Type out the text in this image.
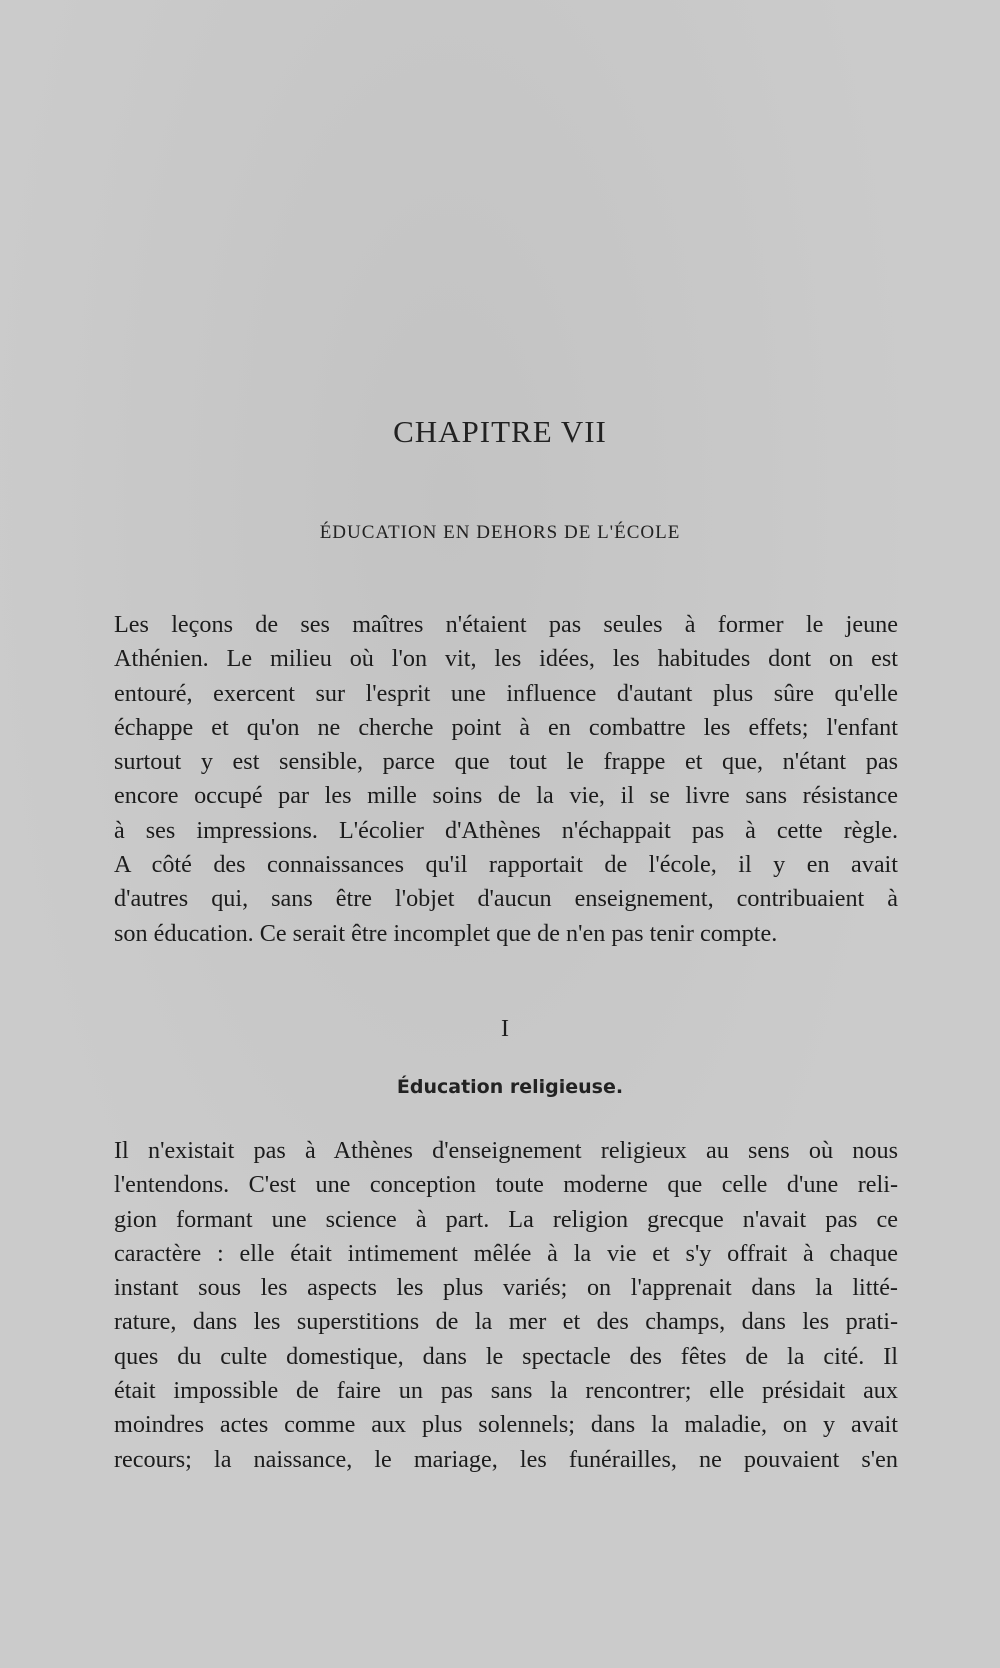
CHAPITRE VII
ÉDUCATION EN DEHORS DE L'ÉCOLE
Les leçons de ses maîtres n'étaient pas seules à former le jeune
Athénien. Le milieu où l'on vit, les idées, les habitudes dont on est
entouré, exercent sur l'esprit une influence d'autant plus sûre qu'elle
échappe et qu'on ne cherche point à en combattre les effets; l'enfant
surtout y est sensible, parce que tout le frappe et que, n'étant pas
encore occupé par les mille soins de la vie, il se livre sans résistance
à ses impressions. L'écolier d'Athènes n'échappait pas à cette règle.
A côté des connaissances qu'il rapportait de l'école, il y en avait
d'autres qui, sans être l'objet d'aucun enseignement, contribuaient à
son éducation. Ce serait être incomplet que de n'en pas tenir compte.
I
Éducation religieuse.
Il n'existait pas à Athènes d'enseignement religieux au sens où nous
l'entendons. C'est une conception toute moderne que celle d'une reli-
gion formant une science à part. La religion grecque n'avait pas ce
caractère : elle était intimement mêlée à la vie et s'y offrait à chaque
instant sous les aspects les plus variés; on l'apprenait dans la litté-
rature, dans les superstitions de la mer et des champs, dans les prati-
ques du culte domestique, dans le spectacle des fêtes de la cité. Il
était impossible de faire un pas sans la rencontrer; elle présidait aux
moindres actes comme aux plus solennels; dans la maladie, on y avait
recours; la naissance, le mariage, les funérailles, ne pouvaient s'en
